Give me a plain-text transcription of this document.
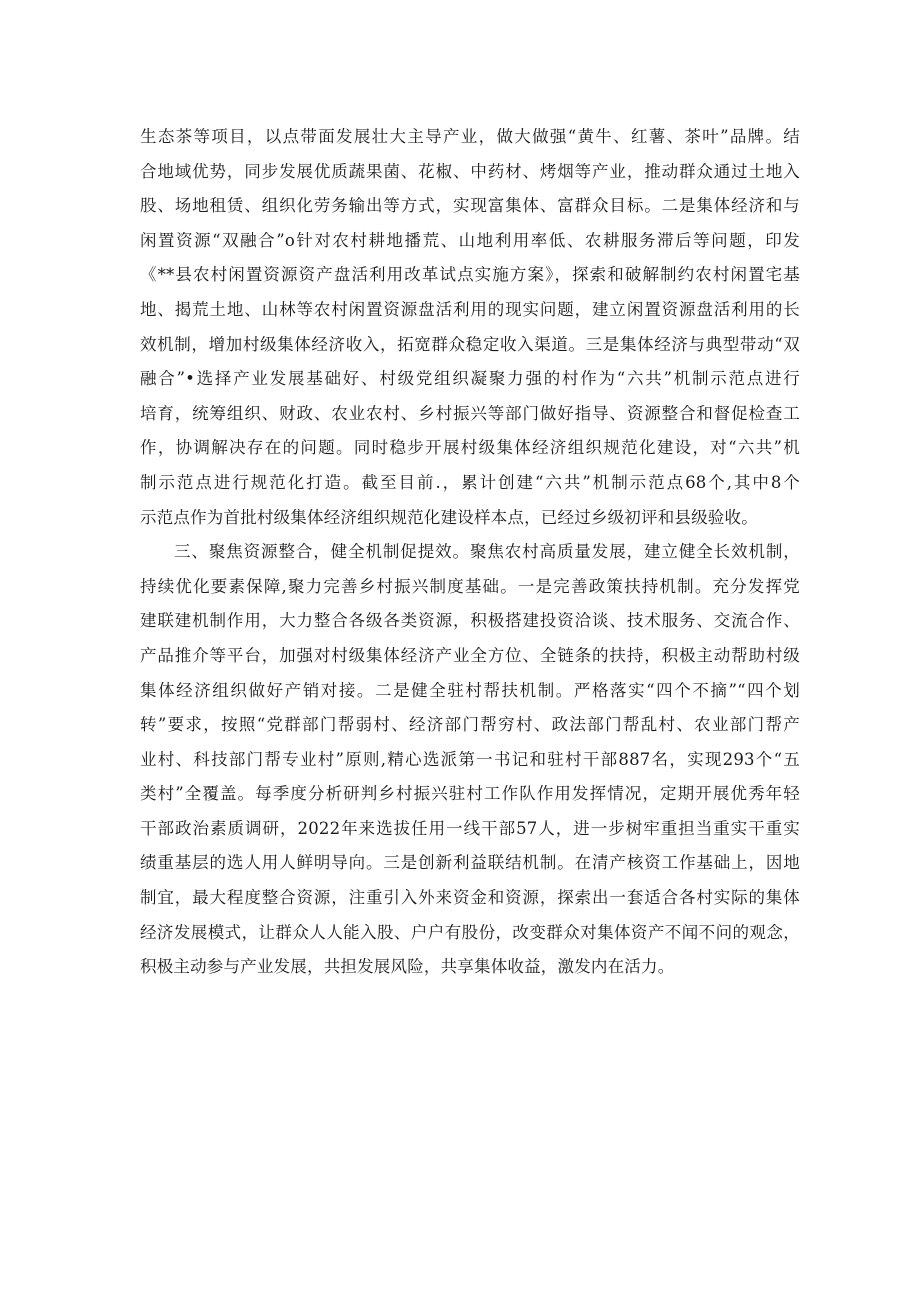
生态茶等项目，以点带面发展壮大主导产业，做大做强“黄牛、红薯、茶叶”品牌。结
合地域优势，同步发展优质蔬果菌、花椒、中药材、烤烟等产业，推动群众通过土地入
股、场地租赁、组织化劳务输出等方式，实现富集体、富群众目标。二是集体经济和与
闲置资源“双融合”o针对农村耕地播荒、山地利用率低、农耕服务滞后等问题，印发
《**县农村闲置资源资产盘活利用改革试点实施方案》，探索和破解制约农村闲置宅基
地、揭荒土地、山林等农村闲置资源盘活利用的现实问题，建立闲置资源盘活利用的长
效机制，增加村级集体经济收入，拓宽群众稳定收入渠道。三是集体经济与典型带动“双
融合”•选择产业发展基础好、村级党组织凝聚力强的村作为“六共”机制示范点进行
培育，统筹组织、财政、农业农村、乡村振兴等部门做好指导、资源整合和督促检查工
作，协调解决存在的问题。同时稳步开展村级集体经济组织规范化建设，对“六共”机
制示范点进行规范化打造。截至目前.，累计创建“六共”机制示范点68个,其中8个
示范点作为首批村级集体经济组织规范化建设样本点，已经过乡级初评和县级验收。
三、聚焦资源整合，健全机制促提效。聚焦农村高质量发展，建立健全长效机制，
持续优化要素保障,聚力完善乡村振兴制度基础。一是完善政策扶持机制。充分发挥党
建联建机制作用，大力整合各级各类资源，积极搭建投资洽谈、技术服务、交流合作、
产品推介等平台，加强对村级集体经济产业全方位、全链条的扶持，积极主动帮助村级
集体经济组织做好产销对接。二是健全驻村帮扶机制。严格落实“四个不摘”“四个划
转”要求，按照“党群部门帮弱村、经济部门帮穷村、政法部门帮乱村、农业部门帮产
业村、科技部门帮专业村”原则,精心选派第一书记和驻村干部887名，实现293个“五
类村”全覆盖。每季度分析研判乡村振兴驻村工作队作用发挥情况，定期开展优秀年轻
干部政治素质调研，2022年来选拔任用一线干部57人，进一步树牢重担当重实干重实
绩重基层的选人用人鲜明导向。三是创新利益联结机制。在清产核资工作基础上，因地
制宜，最大程度整合资源，注重引入外来资金和资源，探索出一套适合各村实际的集体
经济发展模式，让群众人人能入股、户户有股份，改变群众对集体资产不闻不问的观念，
积极主动参与产业发展，共担发展风险，共享集体收益，激发内在活力。
